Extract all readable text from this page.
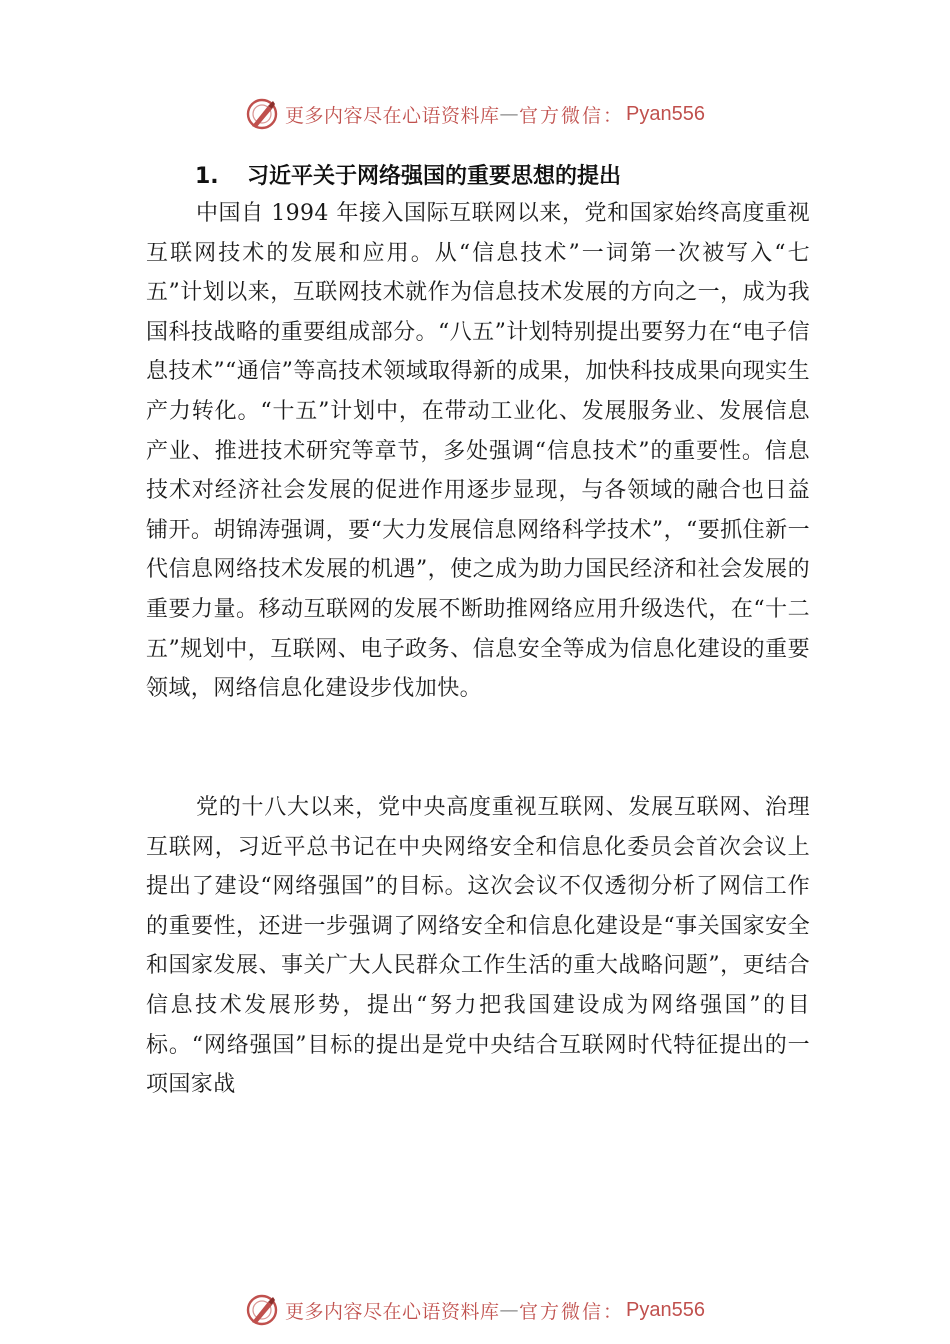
更多内容尽在心语资料库 — 官方微信： Pyan556
1. 习近平关于网络强国的重要思想的提出

中国自 1994 年接入国际互联网以来，党和国家始终高度重视互联网技术的发展和应用。从“信息技术”一词第一次被写入“七五”计划以来，互联网技术就作为信息技术发展的方向之一，成为我国科技战略的重要组成部分。“八五”计划特别提出要努力在“电子信息技术”“通信”等高技术领域取得新的成果，加快科技成果向现实生产力转化。“十五”计划中，在带动工业化、发展服务业、发展信息产业、推进技术研究等章节，多处强调“信息技术”的重要性。信息技术对经济社会发展的促进作用逐步显现，与各领域的融合也日益铺开。胡锦涛强调，要“大力发展信息网络科学技术”，“要抓住新一代信息网络技术发展的机遇”，使之成为助力国民经济和社会发展的重要力量。移动互联网的发展不断助推网络应用升级迭代，在“十二五”规划中，互联网、电子政务、信息安全等成为信息化建设的重要领域，网络信息化建设步伐加快。

党的十八大以来，党中央高度重视互联网、发展互联网、治理互联网，习近平总书记在中央网络安全和信息化委员会首次会议上提出了建设“网络强国”的目标。这次会议不仅透彻分析了网信工作的重要性，还进一步强调了网络安全和信息化建设是“事关国家安全和国家发展、事关广大人民群众工作生活的重大战略问题”，更结合信息技术发展形势，提出“努力把我国建设成为网络强国”的目标。“网络强国”目标的提出是党中央结合互联网时代特征提出的一项国家战

更多内容尽在心语资料库 — 官方微信： Pyan556
